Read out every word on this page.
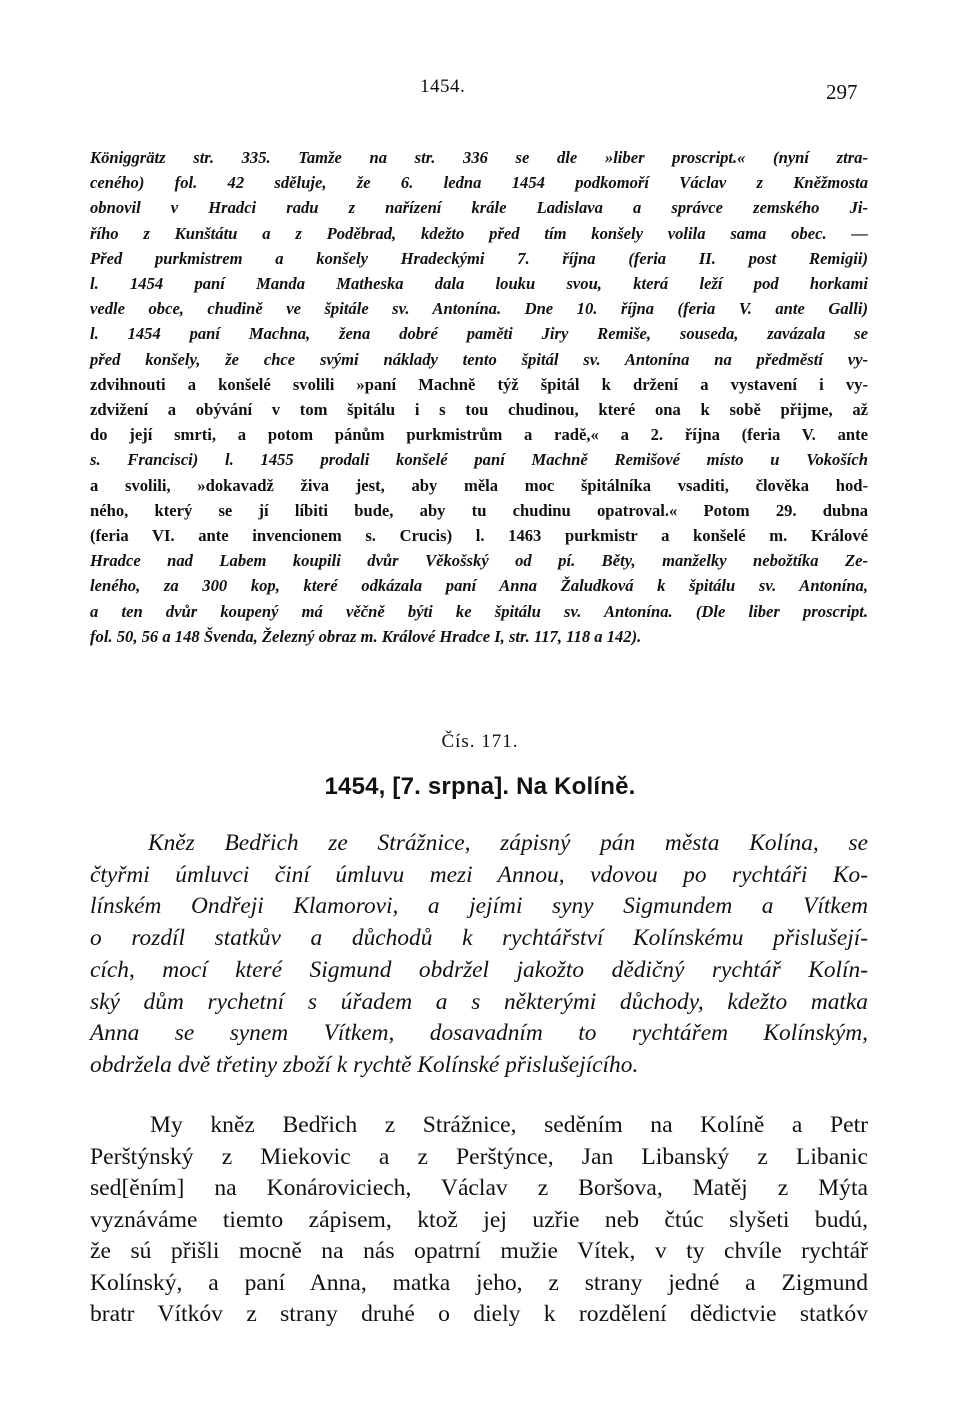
1454.	297
Königgrätz str. 335. Tamže na str. 336 se dle »liber proscript.« (nyní ztra-
ceného) fol. 42 sděluje, že 6. ledna 1454 podkomoří Václav z Kněžmosta
obnovil v Hradci radu z nařízení krále Ladislava a správce zemského Ji-
řího z Kunštátu a z Poděbrad, kdežto před tím konšely volila sama obec. —
Před purkmistrem a konšely Hradeckými 7. října (feria II. post Remigii)
l. 1454 paní Manda Matheska dala louku svou, která leží pod horkami
vedle obce, chudině ve špitále sv. Antonína. Dne 10. října (feria V. ante Galli)
l. 1454 paní Machna, žena dobré paměti Jiry Remiše, souseda, zavázala se
před konšely, že chce svými náklady tento špitál sv. Antonína na předměstí vy-
zdvihnouti a konšelé svolili »paní Machně týž špitál k držení a vystavení i vy-
zdvižení a obývání v tom špitálu i s tou chudinou, které ona k sobě přijme, až
do její smrti, a potom pánům purkmistrům a radě,« a 2. října (feria V. ante
s. Francisci) l. 1455 prodali konšelé paní Machně Remišové místo u Vokoších
a svolili, »dokavadž živa jest, aby měla moc špitálníka vsaditi, člověka hod-
ného, který se jí líbiti bude, aby tu chudinu opatroval.« Potom 29. dubna
(feria VI. ante invencionem s. Crucis) l. 1463 purkmistr a konšelé m. Králové
Hradce nad Labem koupili dvůr Věkošský od pí. Běty, manželky nebožtíka Ze-
leného, za 300 kop, které odkázala paní Anna Žaludková k špitálu sv. Antonína,
a ten dvůr koupený má věčně býti ke špitálu sv. Antonína. (Dle liber proscript.
fol. 50, 56 a 148 Švenda, Železný obraz m. Králové Hradce I, str. 117, 118 a 142).
Čís. 171.
1454, [7. srpna]. Na Kolíně.
Kněz Bedřich ze Strážnice, zápisný pán města Kolína, se
čtyřmi úmluvci činí úmluvu mezi Annou, vdovou po rychtáři Ko-
línském Ondřeji Klamorovi, a jejími syny Sigmundem a Vítkem
o rozdíl statkův a důchodů k rychtářství Kolínskému přislušejí-
cích, mocí které Sigmund obdržel jakožto dědičný rychtář Kolín-
ský dům rychetní s úřadem a s některými důchody, kdežto matka
Anna se synem Vítkem, dosavadním to rychtářem Kolínským,
obdržela dvě třetiny zboží k rychtě Kolínské přislušejícího.
My kněz Bedřich z Strážnice, seděním na Kolíně a Petr
Perštýnský z Miekovic a z Perštýnce, Jan Libanský z Libanic
sed[ěním] na Konároviciech, Václav z Boršova, Matěj z Mýta
vyznáváme tiemto zápisem, ktož jej uzřie neb čtúc slyšeti budú,
že sú přišli mocně na nás opatrní mužie Vítek, v ty chvíle rychtář
Kolínský, a paní Anna, matka jeho, z strany jedné a Zigmund
bratr Vítkóv z strany druhé o diely k rozdělení dědictvie statkóv
